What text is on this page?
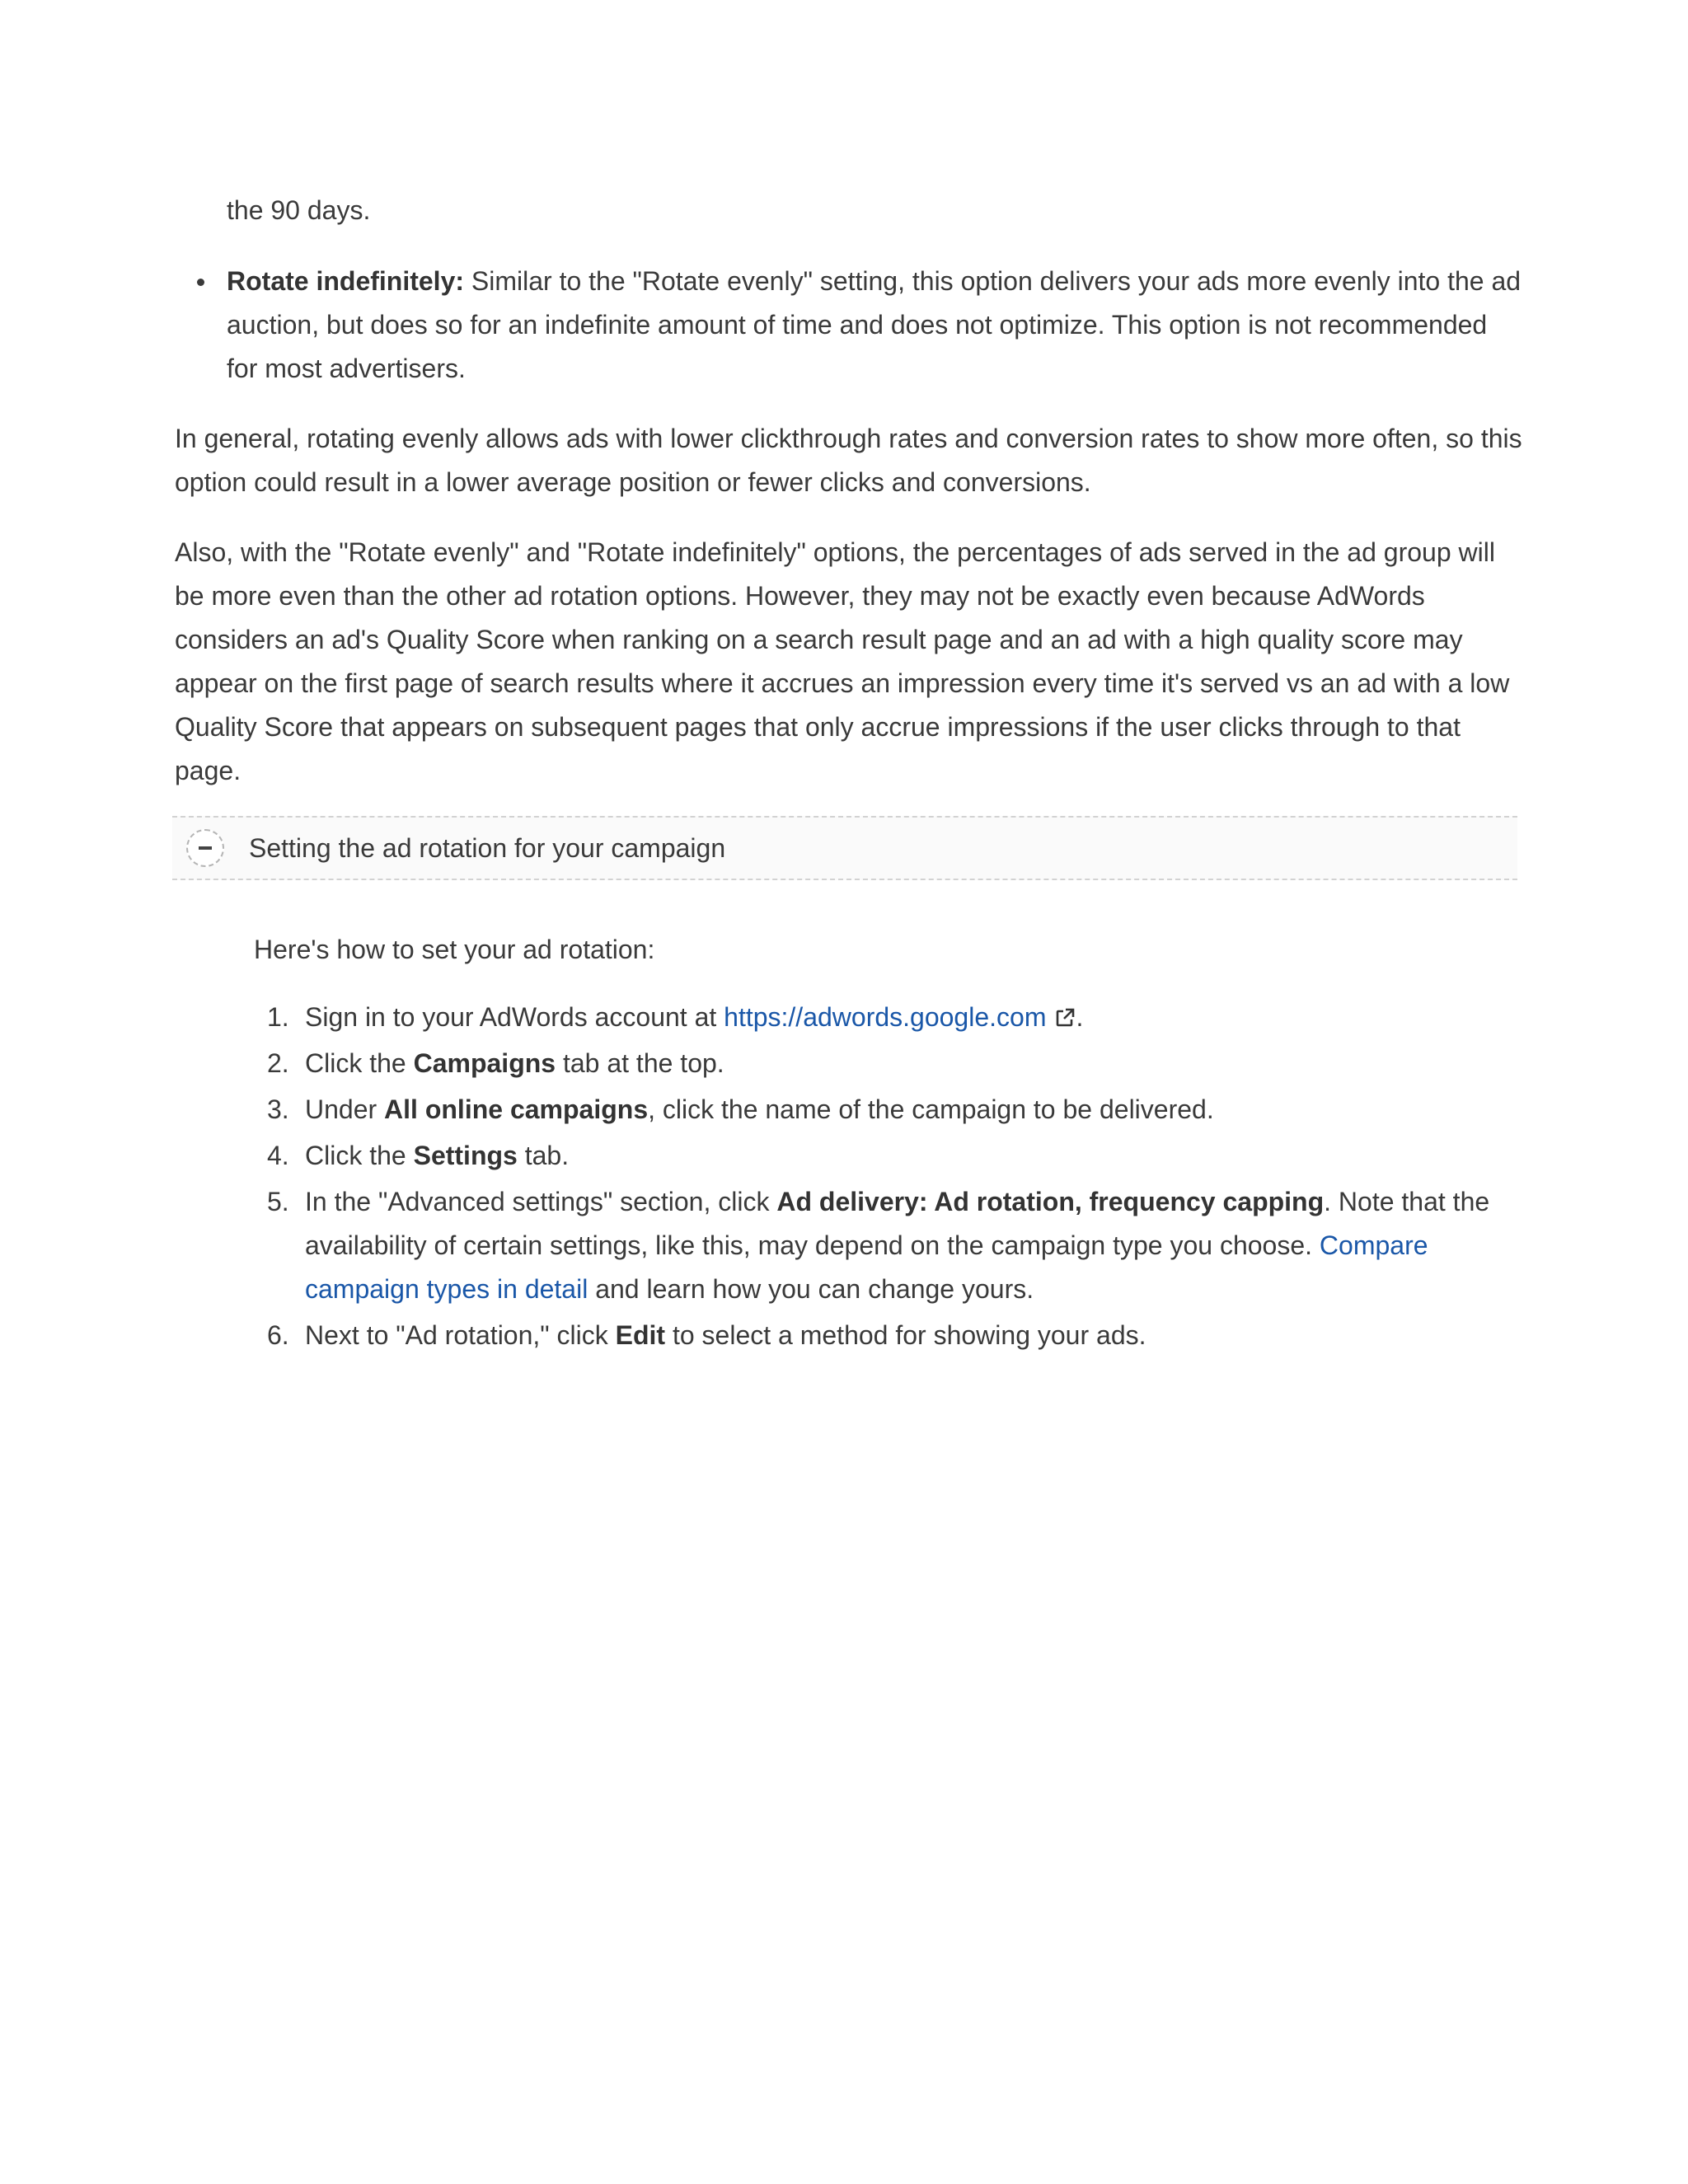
the 90 days.

Rotate indefinitely: Similar to the "Rotate evenly" setting, this option delivers your ads more evenly into the ad auction, but does so for an indefinite amount of time and does not optimize. This option is not recommended for most advertisers.

In general, rotating evenly allows ads with lower clickthrough rates and conversion rates to show more often, so this option could result in a lower average position or fewer clicks and conversions.

Also, with the "Rotate evenly" and "Rotate indefinitely" options, the percentages of ads served in the ad group will be more even than the other ad rotation options. However, they may not be exactly even because AdWords considers an ad's Quality Score when ranking on a search result page and an ad with a high quality score may appear on the first page of search results where it accrues an impression every time it's served vs an ad with a low Quality Score that appears on subsequent pages that only accrue impressions if the user clicks through to that page.

Setting the ad rotation for your campaign

Here's how to set your ad rotation:

1. Sign in to your AdWords account at https://adwords.google.com .
2. Click the Campaigns tab at the top.
3. Under All online campaigns, click the name of the campaign to be delivered.
4. Click the Settings tab.
5. In the "Advanced settings" section, click Ad delivery: Ad rotation, frequency capping. Note that the availability of certain settings, like this, may depend on the campaign type you choose. Compare campaign types in detail and learn how you can change yours.
6. Next to "Ad rotation," click Edit to select a method for showing your ads.
